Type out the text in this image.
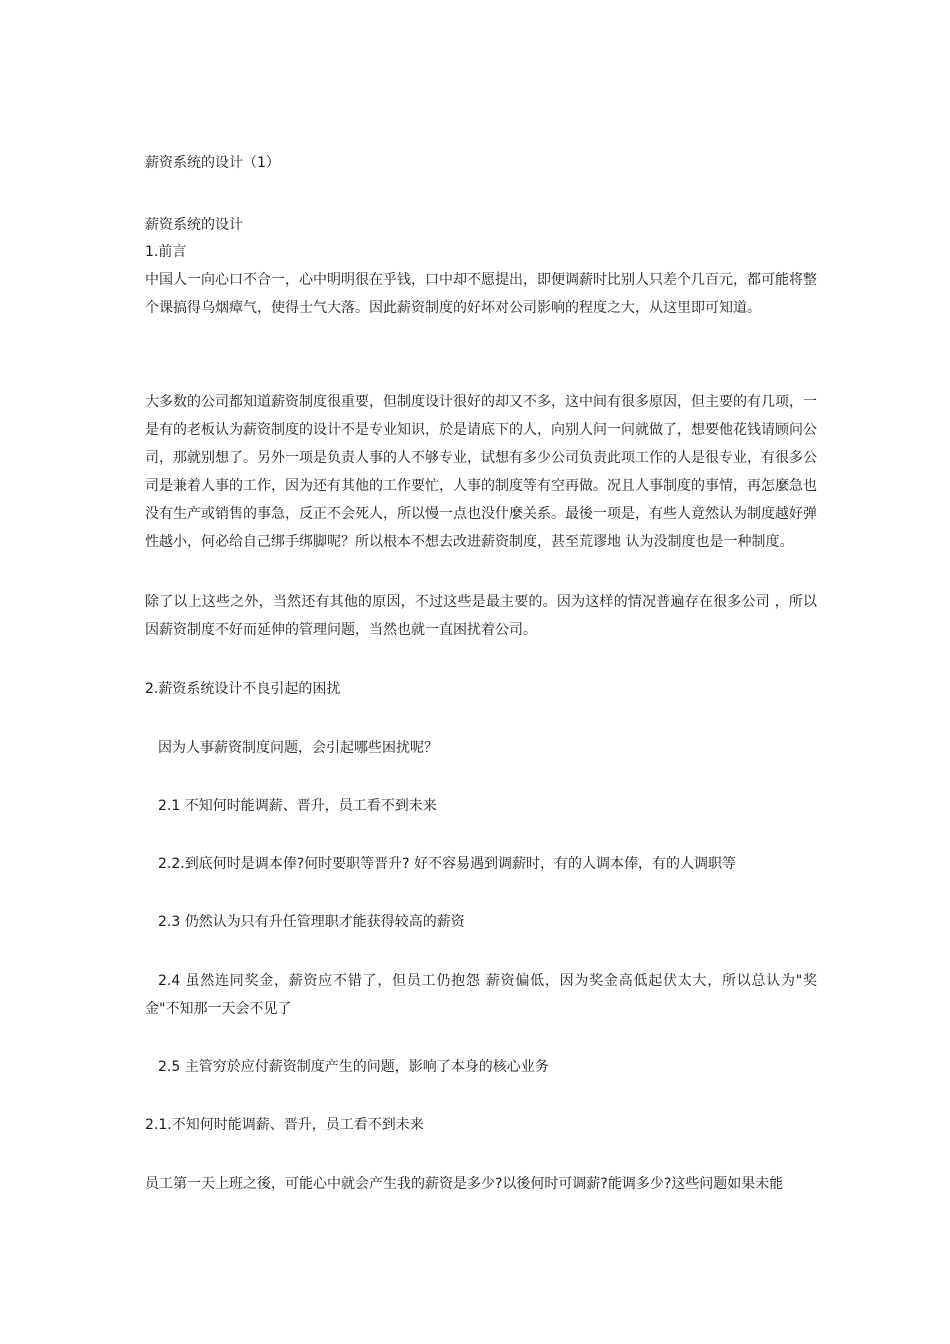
薪资系统的设计（1）
薪资系统的设计
1.前言
中国人一向心口不合一，心中明明很在乎钱，口中却不愿提出，即便调薪时比别人只差个几百元，都可能将整个课搞得乌烟瘴气，使得士气大落。因此薪资制度的好坏对公司影响的程度之大，从这里即可知道。
大多数的公司都知道薪资制度很重要，但制度设计很好的却又不多，这中间有很多原因，但主要的有几项，一是有的老板认为薪资制度的设计不是专业知识，於是请底下的人，向别人问一问就做了，想要他花钱请顾问公司，那就别想了。另外一项是负责人事的人不够专业，试想有多少公司负责此项工作的人是很专业，有很多公司是兼着人事的工作，因为还有其他的工作要忙，人事的制度等有空再做。况且人事制度的事情，再怎麼急也没有生产或销售的事急，反正不会死人，所以慢一点也没什麼关系。最後一项是，有些人竟然认为制度越好弹性越小，何必给自己绑手绑脚呢？所以根本不想去改进薪资制度，甚至荒谬地 认为没制度也是一种制度。
除了以上这些之外，当然还有其他的原因，不过这些是最主要的。因为这样的情况普遍存在很多公司 ，所以因薪资制度不好而延伸的管理问题，当然也就一直困扰着公司。
2.薪资系统设计不良引起的困扰
因为人事薪资制度问题，会引起哪些困扰呢？
2.1 不知何时能调薪、晋升，员工看不到未来
2.2.到底何时是调本俸?何时要职等晋升? 好不容易遇到调薪时，有的人调本俸，有的人调职等
2.3 仍然认为只有升任管理职才能获得较高的薪资
2.4 虽然连同奖金，薪资应不错了，但员工仍抱怨 薪资偏低，因为奖金高低起伏太大，所以总认为"奖金"不知那一天会不见了
2.5 主管穷於应付薪资制度产生的问题，影响了本身的核心业务
2.1.不知何时能调薪、晋升，员工看不到未来
员工第一天上班之後，可能心中就会产生我的薪资是多少?以後何时可调薪?能调多少?这些问题如果未能
